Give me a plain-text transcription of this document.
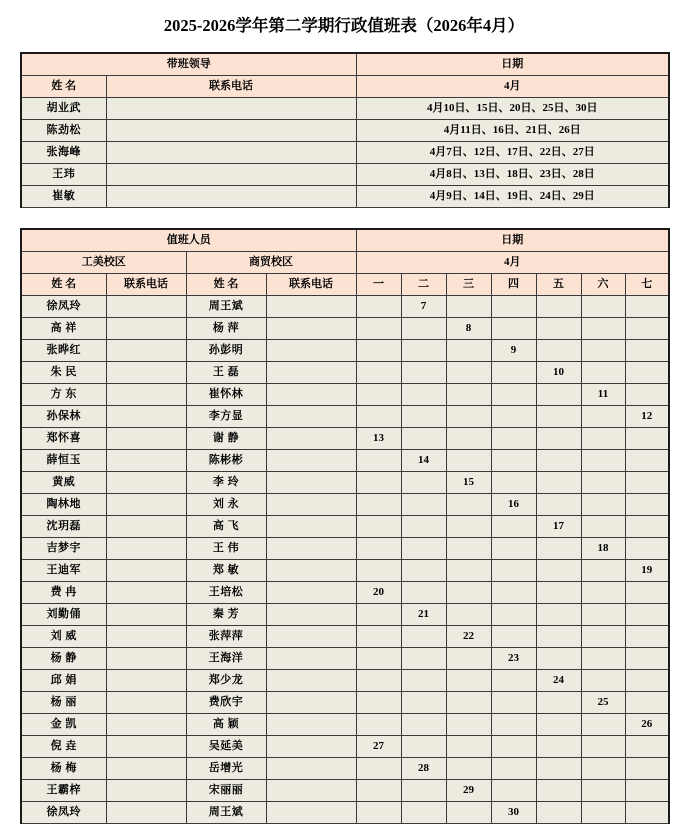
2025-2026学年第二学期行政值班表（2026年4月）
带班领导		日期
姓 名	联系电话	4月
胡业武		4月10日、15日、20日、25日、30日
陈劲松		4月11日、16日、21日、26日
张海峰		4月7日、12日、17日、22日、27日
王玮		4月8日、13日、18日、23日、28日
崔敏		4月9日、14日、19日、24日、29日
值班人员				日期						
工美校区		商贸校区		4月						
姓 名	联系电话	姓 名	联系电话	一	二	三	四	五	六	七
徐凤玲		周王斌			7					
高 祥		杨 萍				8				
张晔红		孙彭明					9			
朱 民		王 磊						10		
方 东		崔怀林							11	
孙保林		李方显								12
郑怀喜		谢 静		13						
薛恒玉		陈彬彬			14					
黄威		李 玲				15				
陶林地		刘 永					16			
沈玥磊		高 飞						17		
吉梦宇		王 伟							18	
王迪军		郑 敏								19
费 冉		王培松		20						
刘勤俑		秦 芳			21					
刘 威		张萍萍				22				
杨 静		王海洋					23			
邱 娟		郑少龙						24		
杨 丽		费欣宇							25	
金 凯		高 颖								26
倪 垚		吴延美		27						
杨 梅		岳增光			28					
王霸梓		宋丽丽				29				
徐凤玲		周王斌					30			
